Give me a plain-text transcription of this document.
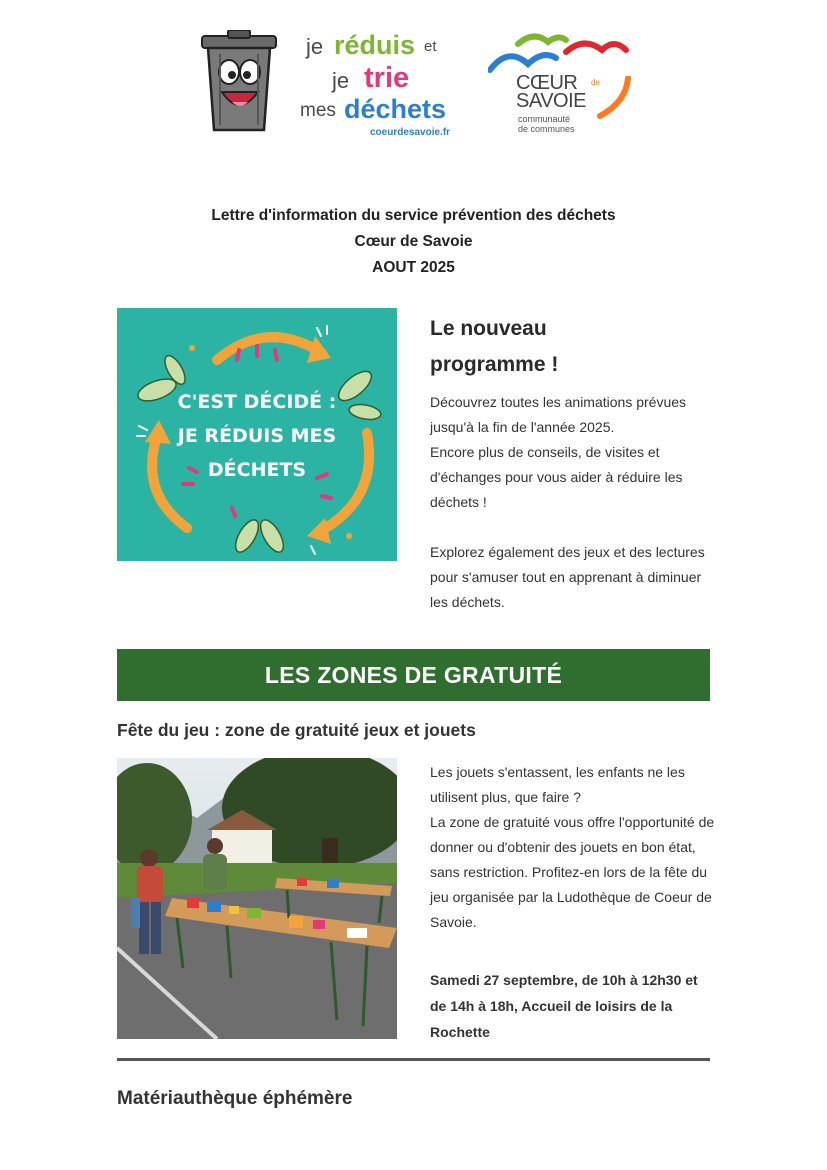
je réduis et
je trie
mes déchets
coeurdesavoie.fr
CŒUR de
SAVOIE
communauté
de communes
Lettre d'information du service prévention des déchets
Cœur de Savoie
AOUT 2025
C'EST DÉCIDÉ :
JE RÉDUIS MES
DÉCHETS
Le nouveau
programme !

Découvrez toutes les animations prévues jusqu'à la fin de l'année 2025.

Encore plus de conseils, de visites et d'échanges pour vous aider à réduire les déchets !

Explorez également des jeux et des lectures pour s'amuser tout en apprenant à diminuer les déchets.

LES ZONES DE GRATUITÉ
Fête du jeu : zone de gratuité jeux et jouets

Les jouets s'entassent, les enfants ne les utilisent plus, que faire ?

La zone de gratuité vous offre l'opportunité de donner ou d'obtenir des jouets en bon état, sans restriction. Profitez-en lors de la fête du jeu organisée par la Ludothèque de Coeur de Savoie.

Samedi 27 septembre, de 10h à 12h30 et de 14h à 18h, Accueil de loisirs de la Rochette
Matériauthèque éphémère
